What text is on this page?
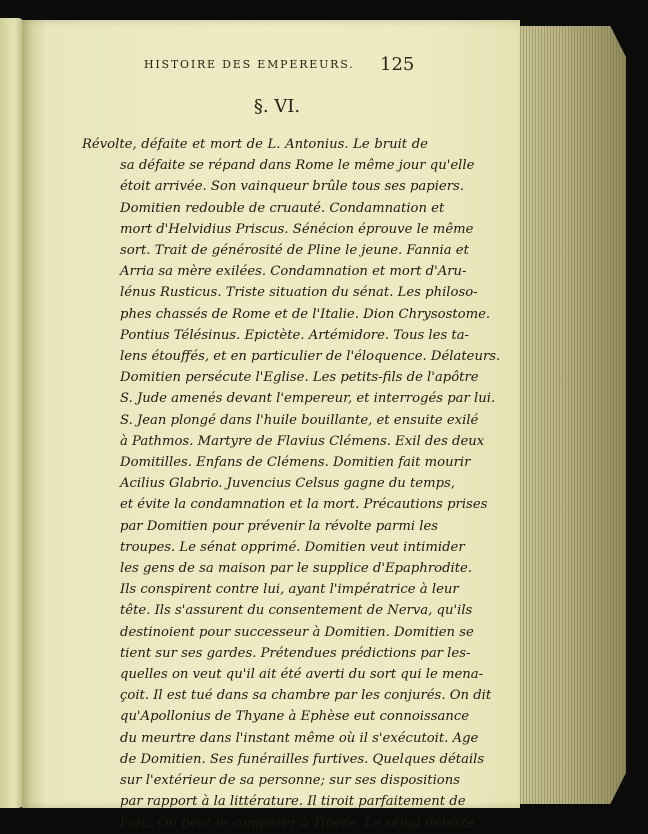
HISTOIRE DES EMPEREURS. 125
§. VI.
Révolte, défaite et mort de L. Antonius. Le bruit de
sa défaite se répand dans Rome le même jour qu'elle
étoit arrivée. Son vainqueur brûle tous ses papiers.
Domitien redouble de cruauté. Condamnation et
mort d'Helvidius Priscus. Sénécion éprouve le même
sort. Trait de générosité de Pline le jeune. Fannia et
Arria sa mère exilées. Condamnation et mort d'Aru-
lénus Rusticus. Triste situation du sénat. Les philoso-
phes chassés de Rome et de l'Italie. Dion Chrysostome.
Pontius Télésinus. Epictète. Artémidore. Tous les ta-
lens étouffés, et en particulier de l'éloquence. Délateurs.
Domitien persécute l'Eglise. Les petits-fils de l'apôtre
S. Jude amenés devant l'empereur, et interrogés par lui.
S. Jean plongé dans l'huile bouillante, et ensuite exilé
à Pathmos. Martyre de Flavius Clémens. Exil des deux
Domitilles. Enfans de Clémens. Domitien fait mourir
Acilius Glabrio. Juvencius Celsus gagne du temps,
et évite la condamnation et la mort. Précautions prises
par Domitien pour prévenir la révolte parmi les
troupes. Le sénat opprimé. Domitien veut intimider
les gens de sa maison par le supplice d'Epaphrodite.
Ils conspirent contre lui, ayant l'impératrice à leur
tête. Ils s'assurent du consentement de Nerva, qu'ils
destinoient pour successeur à Domitien. Domitien se
tient sur ses gardes. Prétendues prédictions par les-
quelles on veut qu'il ait été averti du sort qui le mena-
çoit. Il est tué dans sa chambre par les conjurés. On dit
qu'Apollonius de Thyane à Ephèse eut connoissance
du meurtre dans l'instant même où il s'exécutoit. Age
de Domitien. Ses funérailles furtives. Quelques détails
sur l'extérieur de sa personne; sur ses dispositions
par rapport à la littérature. Il tiroit parfaitement de
l'arc. On peut le comparer à Tibère. Le sénat déteste
